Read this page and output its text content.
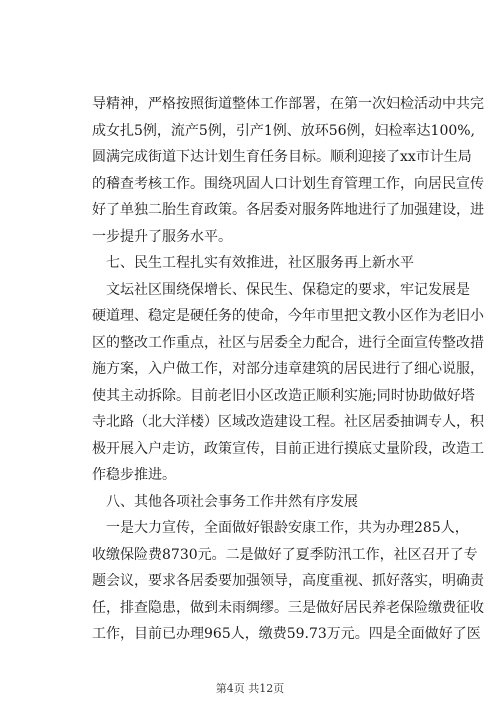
导精神，严格按照街道整体工作部署，在第一次妇检活动中共完
成女扎5例，流产5例，引产1例、放环56例，妇检率达100%,
圆满完成街道下达计划生育任务目标。顺利迎接了xx市计生局
的稽查考核工作。围绕巩固人口计划生育管理工作，向居民宣传
好了单独二胎生育政策。各居委对服务阵地进行了加强建设，进
一步提升了服务水平。
　七、民生工程扎实有效推进，社区服务再上新水平
　文坛社区围绕保增长、保民生、保稳定的要求，牢记发展是
硬道理、稳定是硬任务的使命，今年市里把文教小区作为老旧小
区的整改工作重点，社区与居委全力配合，进行全面宣传整改措
施方案，入户做工作，对部分违章建筑的居民进行了细心说服，
使其主动拆除。目前老旧小区改造正顺利实施;同时协助做好塔
寺北路（北大洋楼）区域改造建设工程。社区居委抽调专人，积
极开展入户走访，政策宣传，目前正进行摸底丈量阶段，改造工
作稳步推进。
　八、其他各项社会事务工作井然有序发展
　一是大力宣传，全面做好银龄安康工作，共为办理285人，
收缴保险费8730元。二是做好了夏季防汛工作，社区召开了专
题会议，要求各居委要加强领导，高度重视、抓好落实，明确责
任，排查隐患，做到未雨绸缪。三是做好居民养老保险缴费征收
工作，目前已办理965人，缴费59.73万元。四是全面做好了医
第4页 共12页
